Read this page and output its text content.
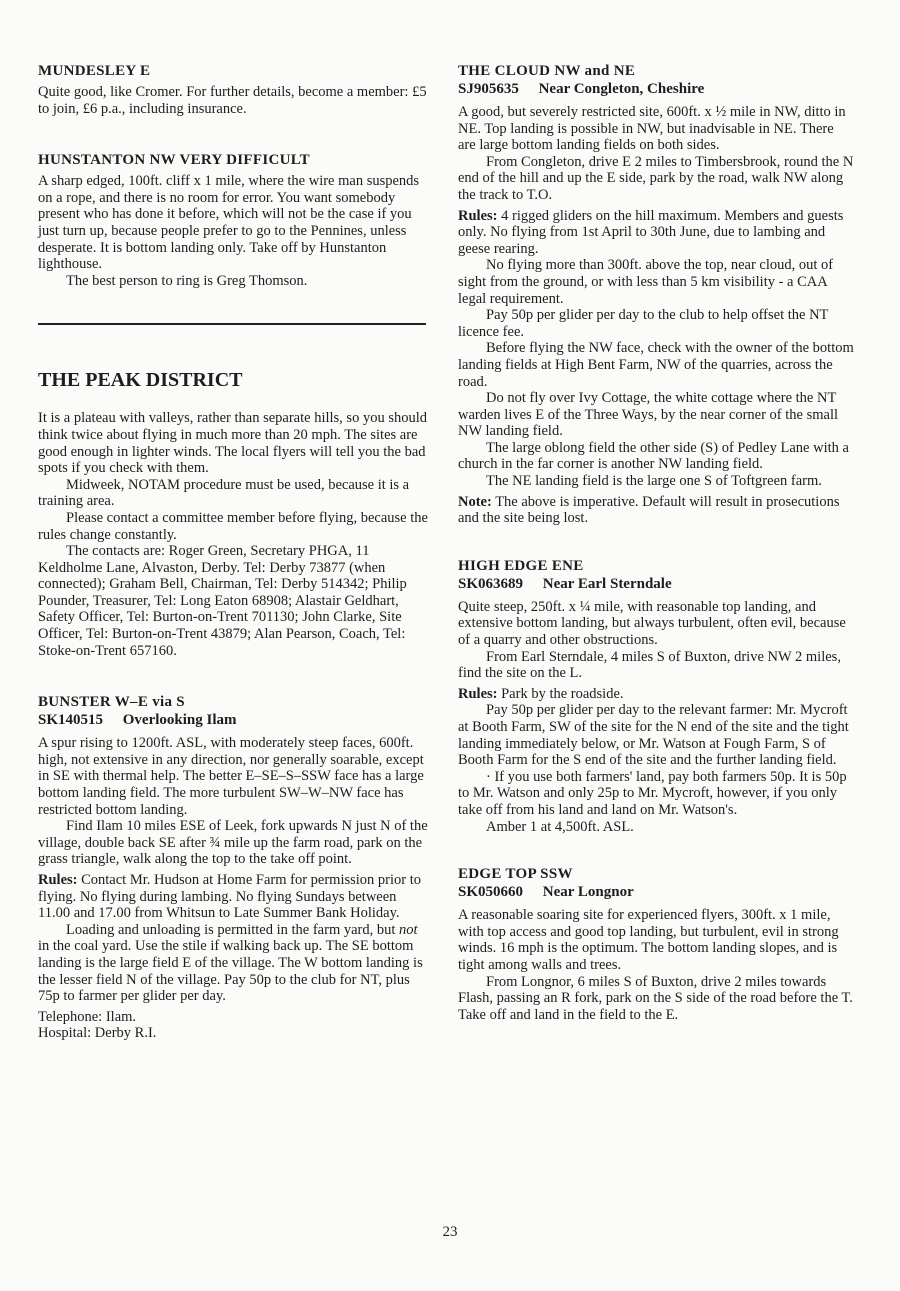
MUNDESLEY E

Quite good, like Cromer. For further details, become a member: £5 to join, £6 p.a., including insurance.

HUNSTANTON NW VERY DIFFICULT

A sharp edged, 100ft. cliff x 1 mile, where the wire man suspends on a rope, and there is no room for error. You want somebody present who has done it before, which will not be the case if you just turn up, because people prefer to go to the Pennines, unless desperate. It is bottom landing only. Take off by Hunstanton lighthouse.

The best person to ring is Greg Thomson.

THE PEAK DISTRICT

It is a plateau with valleys, rather than separate hills, so you should think twice about flying in much more than 20 mph. The sites are good enough in lighter winds. The local flyers will tell you the bad spots if you check with them.

Midweek, NOTAM procedure must be used, because it is a training area.

Please contact a committee member before flying, because the rules change constantly.

The contacts are: Roger Green, Secretary PHGA, 11 Keldholme Lane, Alvaston, Derby. Tel: Derby 73877 (when connected); Graham Bell, Chairman, Tel: Derby 514342; Philip Pounder, Treasurer, Tel: Long Eaton 68908; Alastair Geldhart, Safety Officer, Tel: Burton-on-Trent 701130; John Clarke, Site Officer, Tel: Burton-on-Trent 43879; Alan Pearson, Coach, Tel: Stoke-on-Trent 657160.

BUNSTER W–E via S

SK140515 Overlooking Ilam

A spur rising to 1200ft. ASL, with moderately steep faces, 600ft. high, not extensive in any direction, nor generally soarable, except in SE with thermal help. The better E–SE–S–SSW face has a large bottom landing field. The more turbulent SW–W–NW face has restricted bottom landing.

Find Ilam 10 miles ESE of Leek, fork upwards N just N of the village, double back SE after ¾ mile up the farm road, park on the grass triangle, walk along the top to the take off point.

Rules: Contact Mr. Hudson at Home Farm for permission prior to flying. No flying during lambing. No flying Sundays between 11.00 and 17.00 from Whitsun to Late Summer Bank Holiday.

Loading and unloading is permitted in the farm yard, but not in the coal yard. Use the stile if walking back up. The SE bottom landing is the large field E of the village. The W bottom landing is the lesser field N of the village. Pay 50p to the club for NT, plus 75p to farmer per glider per day.

Telephone: Ilam.

Hospital: Derby R.I.

THE CLOUD NW and NE

SJ905635 Near Congleton, Cheshire

A good, but severely restricted site, 600ft. x ½ mile in NW, ditto in NE. Top landing is possible in NW, but inadvisable in NE. There are large bottom landing fields on both sides.

From Congleton, drive E 2 miles to Timbersbrook, round the N end of the hill and up the E side, park by the road, walk NW along the track to T.O.

Rules: 4 rigged gliders on the hill maximum. Members and guests only. No flying from 1st April to 30th June, due to lambing and geese rearing.

No flying more than 300ft. above the top, near cloud, out of sight from the ground, or with less than 5 km visibility - a CAA legal requirement.

Pay 50p per glider per day to the club to help offset the NT licence fee.

Before flying the NW face, check with the owner of the bottom landing fields at High Bent Farm, NW of the quarries, across the road.

Do not fly over Ivy Cottage, the white cottage where the NT warden lives E of the Three Ways, by the near corner of the small NW landing field.

The large oblong field the other side (S) of Pedley Lane with a church in the far corner is another NW landing field.

The NE landing field is the large one S of Toftgreen farm.

Note: The above is imperative. Default will result in prosecutions and the site being lost.

HIGH EDGE ENE

SK063689 Near Earl Sterndale

Quite steep, 250ft. x ¼ mile, with reasonable top landing, and extensive bottom landing, but always turbulent, often evil, because of a quarry and other obstructions.

From Earl Sterndale, 4 miles S of Buxton, drive NW 2 miles, find the site on the L.

Rules: Park by the roadside.

Pay 50p per glider per day to the relevant farmer: Mr. Mycroft at Booth Farm, SW of the site for the N end of the site and the tight landing immediately below, or Mr. Watson at Fough Farm, S of Booth Farm for the S end of the site and the further landing field.

· If you use both farmers' land, pay both farmers 50p. It is 50p to Mr. Watson and only 25p to Mr. Mycroft, however, if you only take off from his land and land on Mr. Watson's.

Amber 1 at 4,500ft. ASL.

EDGE TOP SSW

SK050660 Near Longnor

A reasonable soaring site for experienced flyers, 300ft. x 1 mile, with top access and good top landing, but turbulent, evil in strong winds. 16 mph is the optimum. The bottom landing slopes, and is tight among walls and trees.

From Longnor, 6 miles S of Buxton, drive 2 miles towards Flash, passing an R fork, park on the S side of the road before the T. Take off and land in the field to the E.

23
